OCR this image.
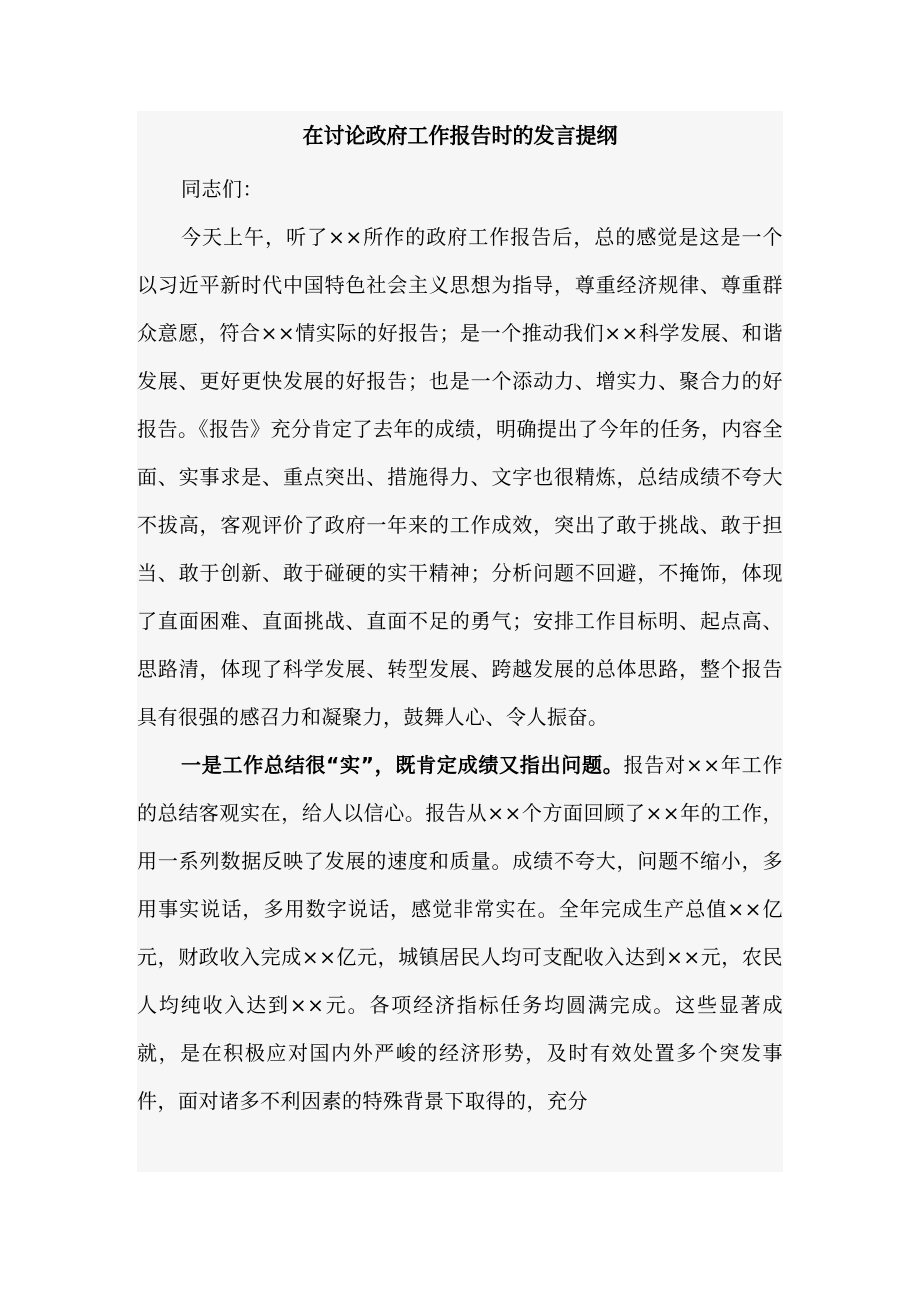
在讨论政府工作报告时的发言提纲

同志们：

今天上午，听了××所作的政府工作报告后，总的感觉是这是一个以习近平新时代中国特色社会主义思想为指导，尊重经济规律、尊重群众意愿，符合××情实际的好报告；是一个推动我们××科学发展、和谐发展、更好更快发展的好报告；也是一个添动力、增实力、聚合力的好报告。《报告》充分肯定了去年的成绩，明确提出了今年的任务，内容全面、实事求是、重点突出、措施得力、文字也很精炼，总结成绩不夸大不拔高，客观评价了政府一年来的工作成效，突出了敢于挑战、敢于担当、敢于创新、敢于碰硬的实干精神；分析问题不回避，不掩饰，体现了直面困难、直面挑战、直面不足的勇气；安排工作目标明、起点高、思路清，体现了科学发展、转型发展、跨越发展的总体思路，整个报告具有很强的感召力和凝聚力，鼓舞人心、令人振奋。

一是工作总结很“实”，既肯定成绩又指出问题。报告对××年工作的总结客观实在，给人以信心。报告从××个方面回顾了××年的工作，用一系列数据反映了发展的速度和质量。成绩不夸大，问题不缩小，多用事实说话，多用数字说话，感觉非常实在。全年完成生产总值××亿元，财政收入完成××亿元，城镇居民人均可支配收入达到××元，农民人均纯收入达到××元。各项经济指标任务均圆满完成。这些显著成就，是在积极应对国内外严峻的经济形势，及时有效处置多个突发事件，面对诸多不利因素的特殊背景下取得的，充分
